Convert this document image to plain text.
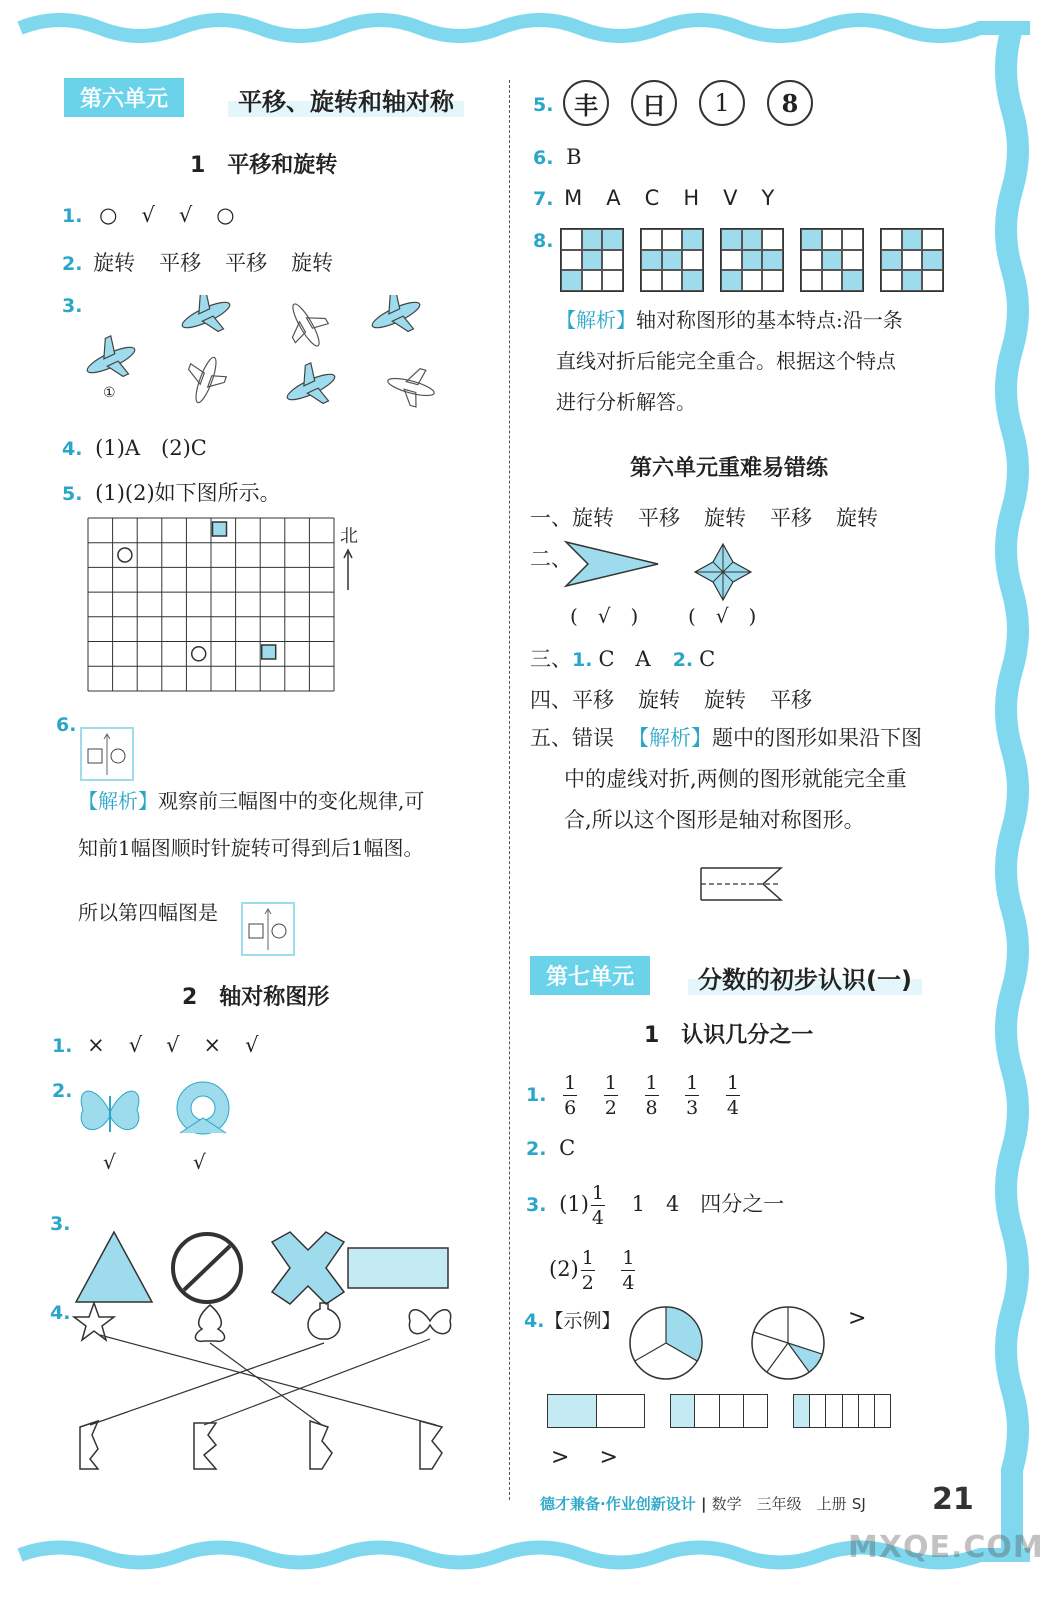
第六单元	平移、旋转和轴对称
1　平移和旋转
1. ○ √ √ ○
2. 旋转 平移 平移 旋转
3.
①
4. (1)A　(2)C
5. (1)(2)如下图所示。
北
6.
【解析】观察前三幅图中的变化规律,可
知前1幅图顺时针旋转可得到后1幅图。
所以第四幅图是
2　轴对称图形
1. × √ √ × √
2.
√	√
3.
4.
5. 丰	日	1	8
6. B
7. M A C H V Y
8.
【解析】轴对称图形的基本特点:沿一条
直线对折后能完全重合。根据这个特点
进行分析解答。
第六单元重难易错练
一、旋转 平移 旋转 平移 旋转
二、
(　√　) (　√　)
三、1. C　A 2. C
四、平移 旋转 旋转 平移
五、错误 【解析】题中的图形如果沿下图
中的虚线对折,两侧的图形就能完全重
合,所以这个图形是轴对称图形。
第七单元	分数的初步认识(一)
1　认识几分之一
1. $\frac{1}{6}$
$\frac{1}{2}$
$\frac{1}{8}$
$\frac{1}{3}$
$\frac{1}{4}$
2. C
3. $(1) \frac{1}{4} 1$　4　四分之一
$(2) \frac{1}{2}$
$\frac{1}{4}$
4.【示例】	>
> >
德才兼备·作业创新设计 | 数学　三年级　上册 SJ 21
MXQE.COM
